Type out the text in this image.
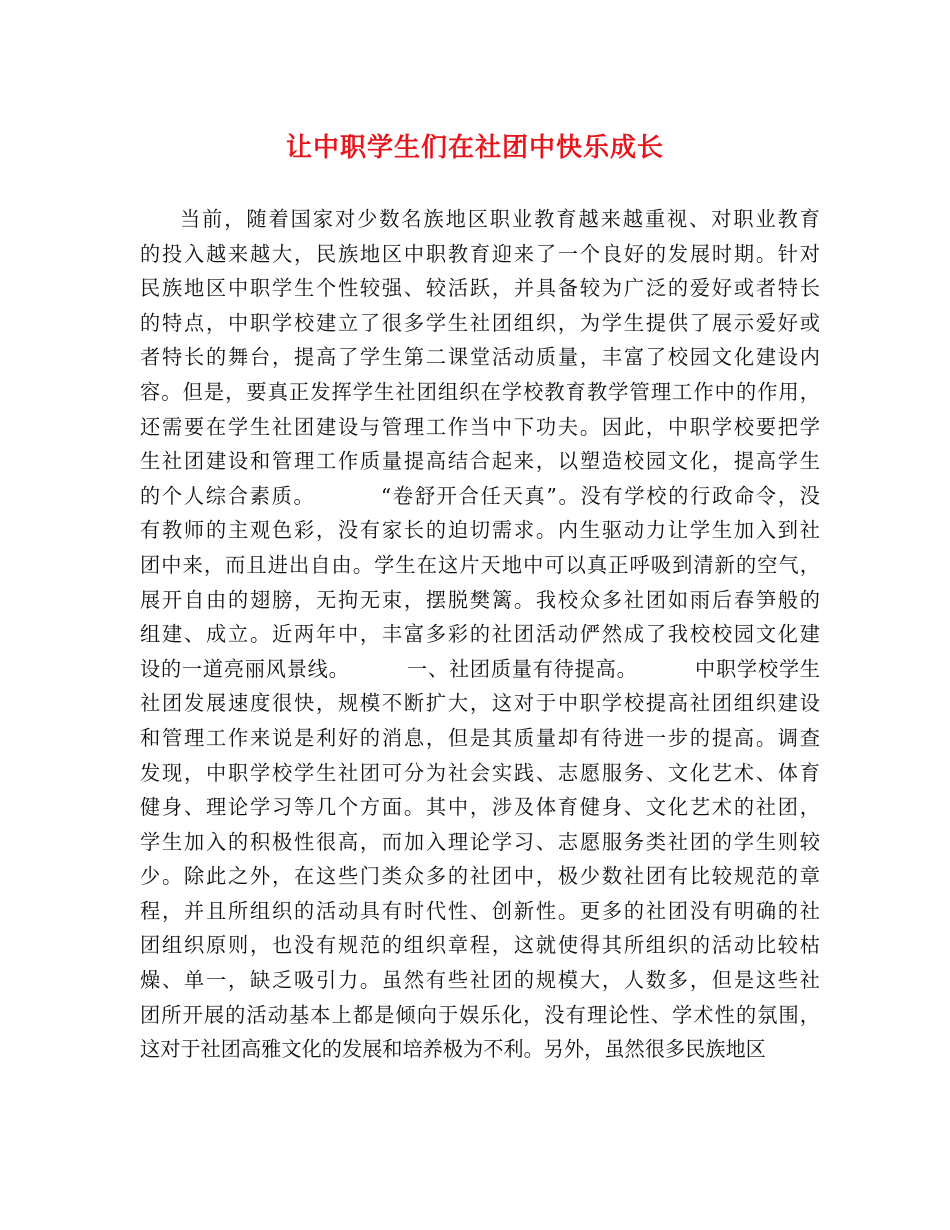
让中职学生们在社团中快乐成长
当前，随着国家对少数名族地区职业教育越来越重视、对职业教育
的投入越来越大，民族地区中职教育迎来了一个良好的发展时期。针对
民族地区中职学生个性较强、较活跃，并具备较为广泛的爱好或者特长
的特点，中职学校建立了很多学生社团组织，为学生提供了展示爱好或
者特长的舞台，提高了学生第二课堂活动质量，丰富了校园文化建设内
容。但是，要真正发挥学生社团组织在学校教育教学管理工作中的作用，
还需要在学生社团建设与管理工作当中下功夫。因此，中职学校要把学
生社团建设和管理工作质量提高结合起来，以塑造校园文化，提高学生
的个人综合素质。        “卷舒开合任天真”。没有学校的行政命令，没
有教师的主观色彩，没有家长的迫切需求。内生驱动力让学生加入到社
团中来，而且进出自由。学生在这片天地中可以真正呼吸到清新的空气，
展开自由的翅膀，无拘无束，摆脱樊篱。我校众多社团如雨后春笋般的
组建、成立。近两年中，丰富多彩的社团活动俨然成了我校校园文化建
设的一道亮丽风景线。        一、社团质量有待提高。        中职学校学生
社团发展速度很快，规模不断扩大，这对于中职学校提高社团组织建设
和管理工作来说是利好的消息，但是其质量却有待进一步的提高。调查
发现，中职学校学生社团可分为社会实践、志愿服务、文化艺术、体育
健身、理论学习等几个方面。其中，涉及体育健身、文化艺术的社团，
学生加入的积极性很高，而加入理论学习、志愿服务类社团的学生则较
少。除此之外，在这些门类众多的社团中，极少数社团有比较规范的章
程，并且所组织的活动具有时代性、创新性。更多的社团没有明确的社
团组织原则，也没有规范的组织章程，这就使得其所组织的活动比较枯
燥、单一，缺乏吸引力。虽然有些社团的规模大，人数多，但是这些社
团所开展的活动基本上都是倾向于娱乐化，没有理论性、学术性的氛围，
这对于社团高雅文化的发展和培养极为不利。另外，虽然很多民族地区
